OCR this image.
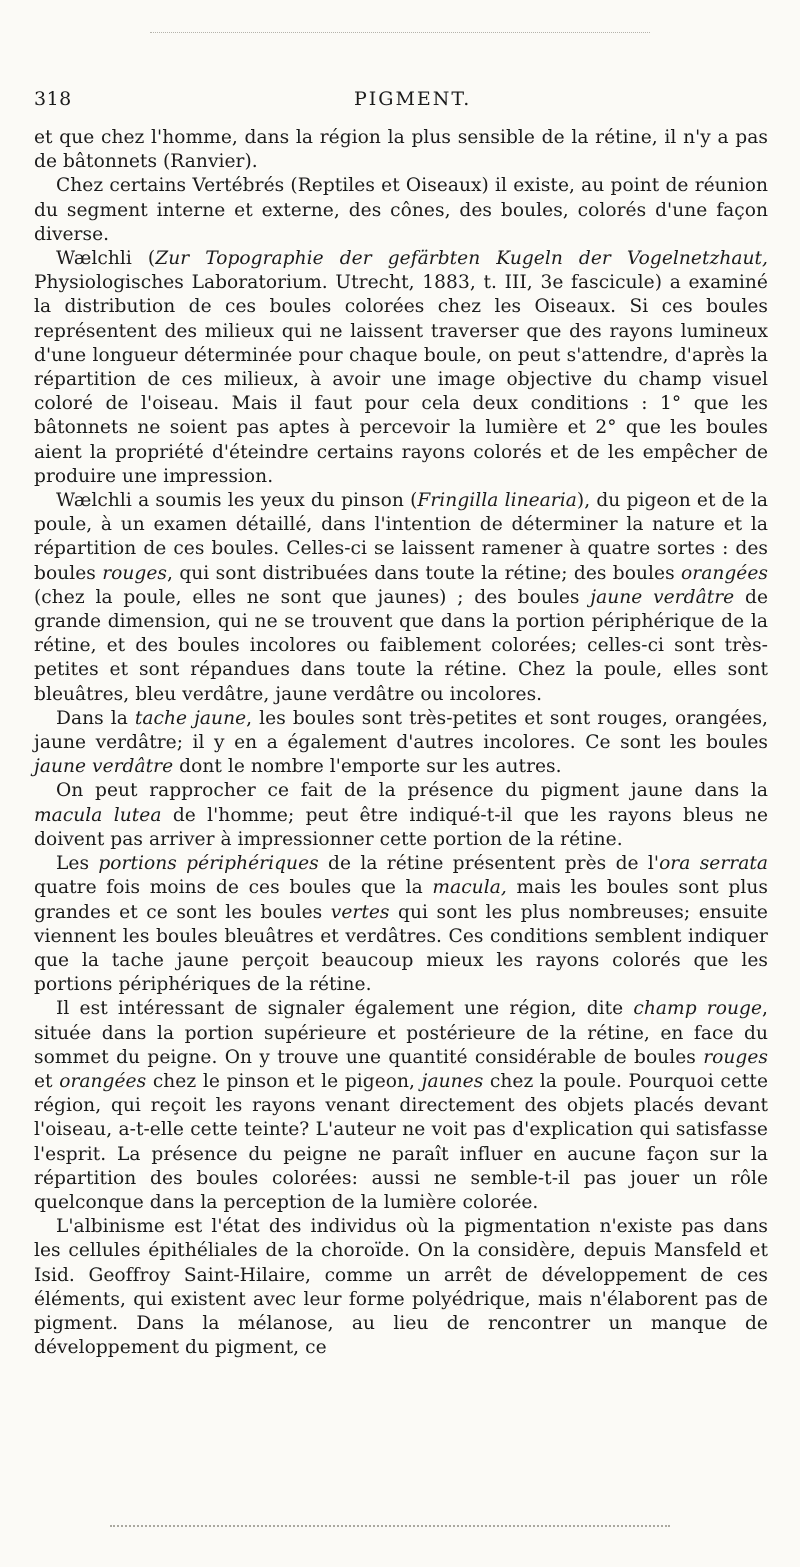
318	PIGMENT.

et que chez l'homme, dans la région la plus sensible de la rétine, il n'y a pas de bâtonnets (Ranvier).

Chez certains Vertébrés (Reptiles et Oiseaux) il existe, au point de réunion du segment interne et externe, des cônes, des boules, colorés d'une façon diverse.

Wælchli (Zur Topographie der gefärbten Kugeln der Vogelnetzhaut, Physiologisches Laboratorium. Utrecht, 1883, t. III, 3e fascicule) a examiné la distribution de ces boules colorées chez les Oiseaux. Si ces boules représentent des milieux qui ne laissent traverser que des rayons lumineux d'une longueur déterminée pour chaque boule, on peut s'attendre, d'après la répartition de ces milieux, à avoir une image objective du champ visuel coloré de l'oiseau. Mais il faut pour cela deux conditions : 1° que les bâtonnets ne soient pas aptes à percevoir la lumière et 2° que les boules aient la propriété d'éteindre certains rayons colorés et de les empêcher de produire une impression.

Wælchli a soumis les yeux du pinson (Fringilla linearia), du pigeon et de la poule, à un examen détaillé, dans l'intention de déterminer la nature et la répartition de ces boules. Celles-ci se laissent ramener à quatre sortes : des boules rouges, qui sont distribuées dans toute la rétine; des boules orangées (chez la poule, elles ne sont que jaunes) ; des boules jaune verdâtre de grande dimension, qui ne se trouvent que dans la portion périphérique de la rétine, et des boules incolores ou faiblement colorées; celles-ci sont très-petites et sont répandues dans toute la rétine. Chez la poule, elles sont bleuâtres, bleu verdâtre, jaune verdâtre ou incolores.

Dans la tache jaune, les boules sont très-petites et sont rouges, orangées, jaune verdâtre; il y en a également d'autres incolores. Ce sont les boules jaune verdâtre dont le nombre l'emporte sur les autres.

On peut rapprocher ce fait de la présence du pigment jaune dans la macula lutea de l'homme; peut être indiqué-t-il que les rayons bleus ne doivent pas arriver à impressionner cette portion de la rétine.

Les portions périphériques de la rétine présentent près de l'ora serrata quatre fois moins de ces boules que la macula, mais les boules sont plus grandes et ce sont les boules vertes qui sont les plus nombreuses; ensuite viennent les boules bleuâtres et verdâtres. Ces conditions semblent indiquer que la tache jaune perçoit beaucoup mieux les rayons colorés que les portions périphériques de la rétine.

Il est intéressant de signaler également une région, dite champ rouge, située dans la portion supérieure et postérieure de la rétine, en face du sommet du peigne. On y trouve une quantité considérable de boules rouges et orangées chez le pinson et le pigeon, jaunes chez la poule. Pourquoi cette région, qui reçoit les rayons venant directement des objets placés devant l'oiseau, a-t-elle cette teinte? L'auteur ne voit pas d'explication qui satisfasse l'esprit. La présence du peigne ne paraît influer en aucune façon sur la répartition des boules colorées: aussi ne semble-t-il pas jouer un rôle quelconque dans la perception de la lumière colorée.

L'albinisme est l'état des individus où la pigmentation n'existe pas dans les cellules épithéliales de la choroïde. On la considère, depuis Mansfeld et Isid. Geoffroy Saint-Hilaire, comme un arrêt de développement de ces éléments, qui existent avec leur forme polyédrique, mais n'élaborent pas de pigment. Dans la mélanose, au lieu de rencontrer un manque de développement du pigment, ce
